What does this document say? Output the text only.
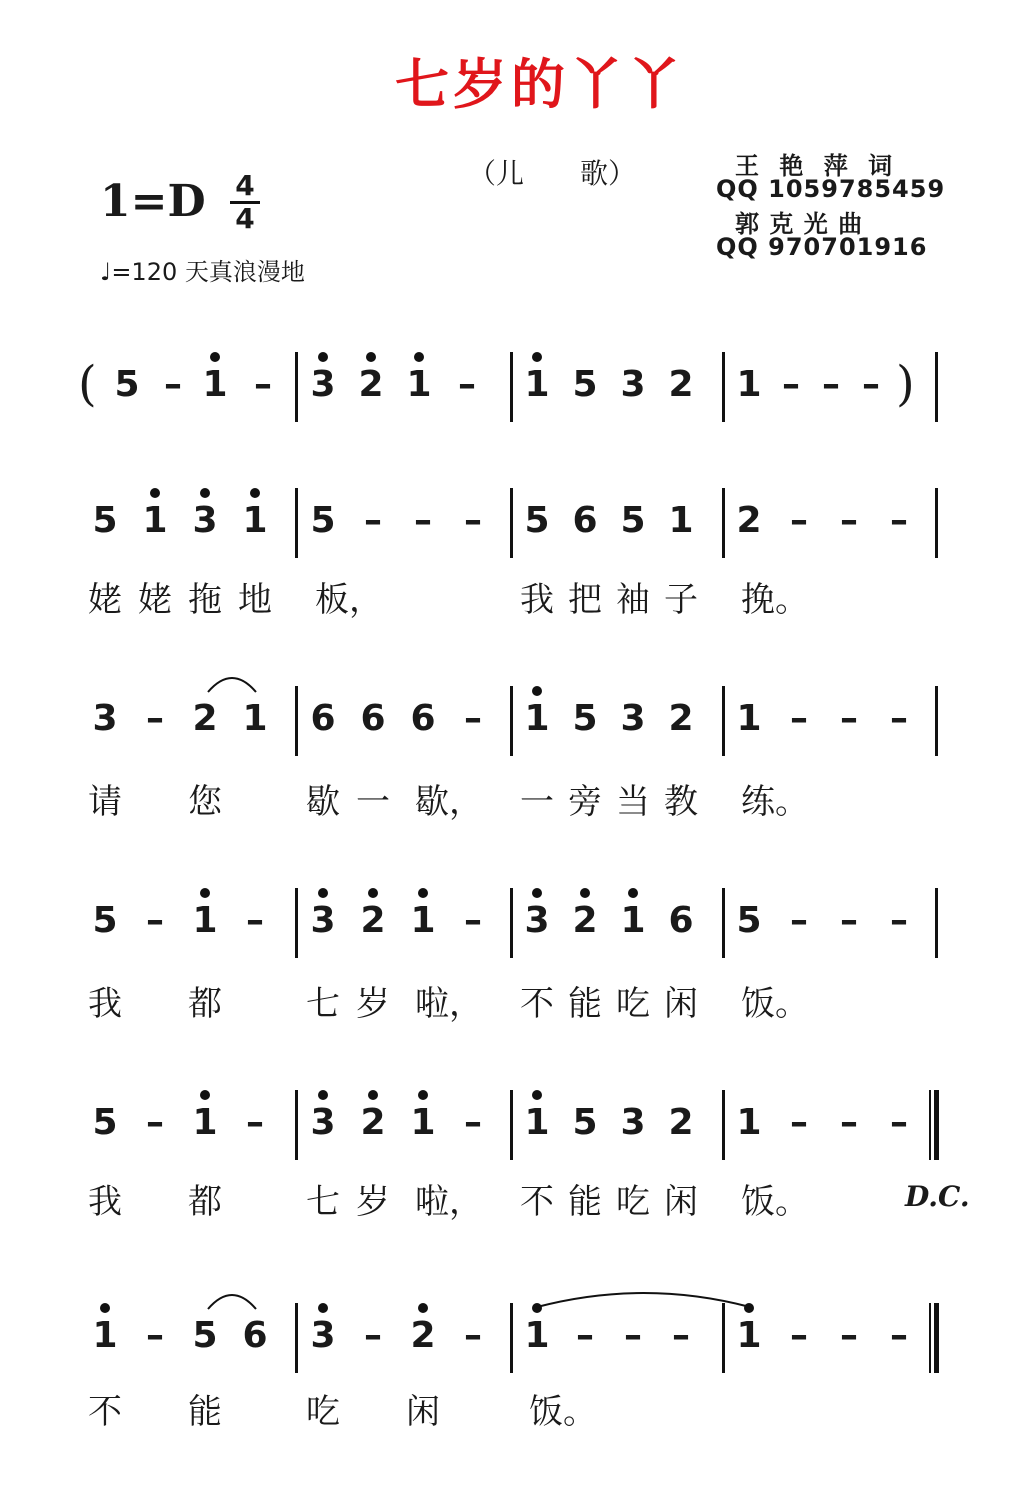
七岁的丫丫
（儿　　歌）
1=D 4
4
♩=120 天真浪漫地
王 艳 萍 词
QQ 1059785459
郭 克 光 曲
QQ 970701916
D.C.
(	)
5 – 1 – 3 2 1 – 1 5 3 2 1 – – –
5 1 3 1 5 – – – 5 6 5 1 2 – – –
姥 姥 拖 地 板，	我 把 袖 子 挽。
3 – 2 1 6 6 6 – 1 5 3 2 1 – – –
请 您 歇 一 歇， 一 旁 当 教 练。
5 – 1 – 3 2 1 – 3 2 1 6 5 – – –
我 都 七 岁 啦， 不 能 吃 闲 饭。
5 – 1 – 3 2 1 – 1 5 3 2 1 – – –
我 都 七 岁 啦， 不 能 吃 闲 饭。
1 – 5 6 3 – 2 – 1 – – – 1 – – –
不 能 吃 闲	饭。
